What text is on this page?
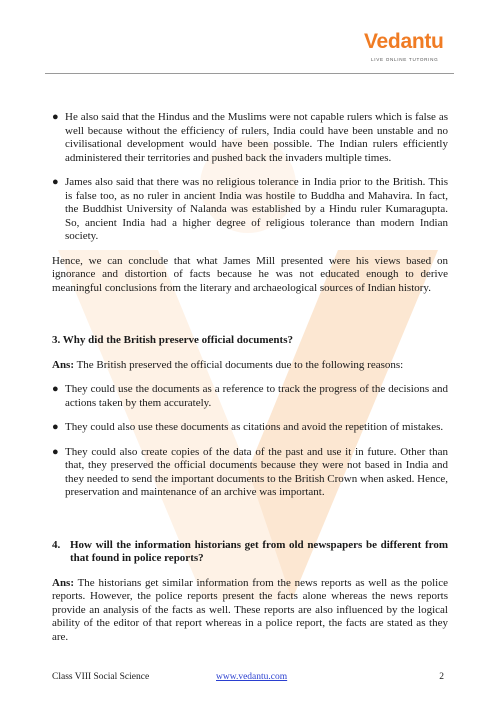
Vedantu
LIVE ONLINE TUTORING
● He also said that the Hindus and the Muslims were not capable rulers which is false as well because without the efficiency of rulers, India could have been unstable and no civilisational development would have been possible. The Indian rulers efficiently administered their territories and pushed back the invaders multiple times.
● James also said that there was no religious tolerance in India prior to the British. This is false too, as no ruler in ancient India was hostile to Buddha and Mahavira. In fact, the Buddhist University of Nalanda was established by a Hindu ruler Kumaragupta. So, ancient India had a higher degree of religious tolerance than modern Indian society.

Hence, we can conclude that what James Mill presented were his views based on ignorance and distortion of facts because he was not educated enough to derive meaningful conclusions from the literary and archaeological sources of Indian history.

3. Why did the British preserve official documents?

Ans: The British preserved the official documents due to the following reasons:

● They could use the documents as a reference to track the progress of the decisions and actions taken by them accurately.
● They could also use these documents as citations and avoid the repetition of mistakes.
● They could also create copies of the data of the past and use it in future. Other than that, they preserved the official documents because they were not based in India and they needed to send the important documents to the British Crown when asked. Hence, preservation and maintenance of an archive was important.
4. How will the information historians get from old newspapers be different from that found in police reports?

Ans: The historians get similar information from the news reports as well as the police reports. However, the police reports present the facts alone whereas the news reports provide an analysis of the facts as well. These reports are also influenced by the logical ability of the editor of that report whereas in a police report, the facts are stated as they are.

Class VIII Social Science	www.vedantu.com	2
